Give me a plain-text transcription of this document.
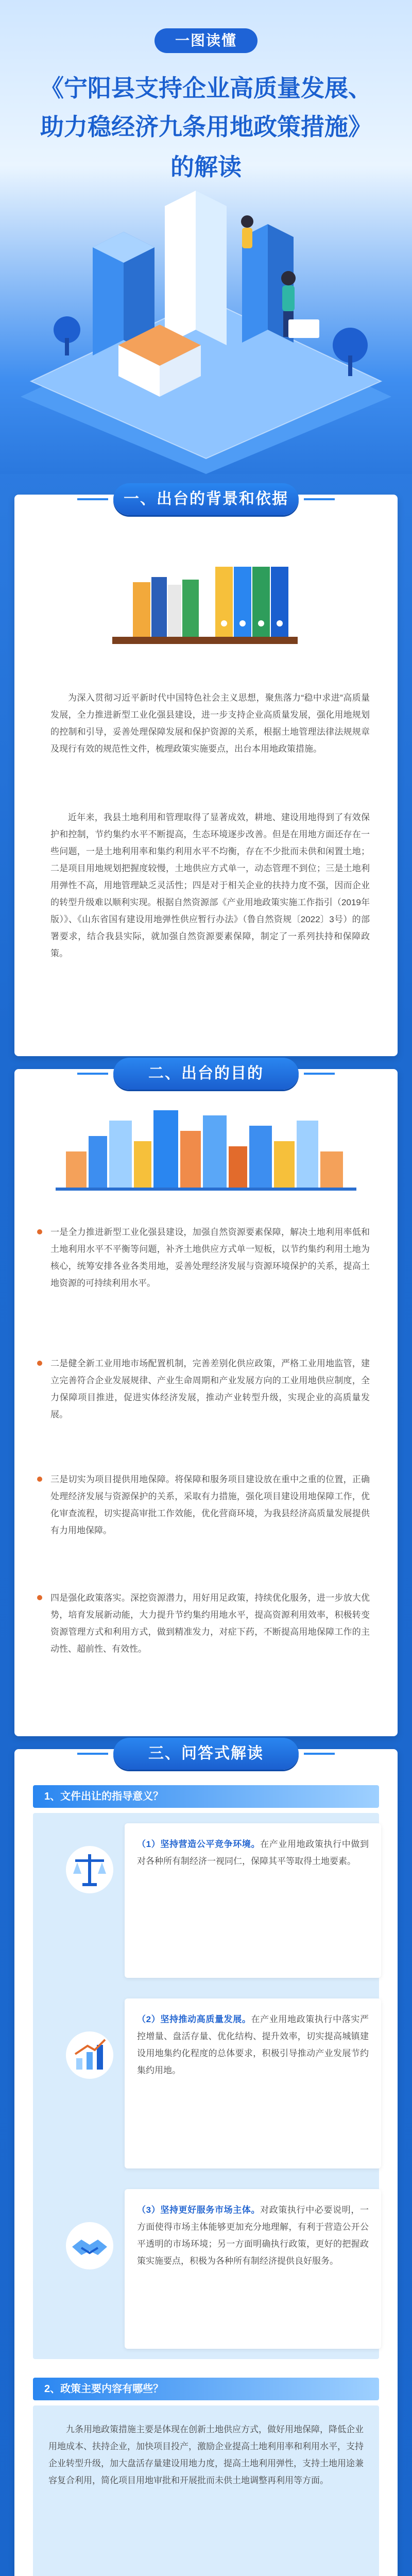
一图读懂
《宁阳县支持企业高质量发展、
助力稳经济九条用地政策措施》
的解读
一、出台的背景和依据

为深入贯彻习近平新时代中国特色社会主义思想，聚焦落力“稳中求进”高质量发展，全力推进新型工业化强县建设，进一步支持企业高质量发展，强化用地规划的控制和引导，妥善处理保障发展和保护资源的关系，根据土地管理法律法规规章及现行有效的规范性文件，梳理政策实施要点，出台本用地政策措施。

近年来，我县土地利用和管理取得了显著成效，耕地、建设用地得到了有效保护和控制，节约集约水平不断提高，生态环境逐步改善。但是在用地方面还存在一些问题，一是土地利用率和集约利用水平不均衡，存在不少批而未供和闲置土地；二是项目用地规划把握度较慢，土地供应方式单一，动态管理不到位；三是土地利用弹性不高，用地管理缺乏灵活性；四是对于相关企业的扶持力度不强，因而企业的转型升级难以顺利实现。根据自然资源部《产业用地政策实施工作指引（2019年版）》、《山东省国有建设用地弹性供应暂行办法》（鲁自然资规〔2022〕3号）的部署要求，结合我县实际，就加强自然资源要素保障，制定了一系列扶持和保障政策。

二、出台的目的

一是全力推进新型工业化强县建设，加强自然资源要素保障，解决土地利用率低和土地利用水平不平衡等问题，补齐土地供应方式单一短板，以节约集约利用土地为核心，统筹安排各业各类用地，妥善处理经济发展与资源环境保护的关系，提高土地资源的可持续利用水平。

二是健全新工业用地市场配置机制，完善差别化供应政策，严格工业用地监管，建立完善符合企业发展规律、产业生命周期和产业发展方向的工业用地供应制度，全力保障项目推进，促进实体经济发展，推动产业转型升级，实现企业的高质量发展。

三是切实为项目提供用地保障。将保障和服务项目建设放在重中之重的位置，正确处理经济发展与资源保护的关系，采取有力措施，强化项目建设用地保障工作，优化审查流程，切实提高审批工作效能，优化营商环境，为我县经济高质量发展提供有力用地保障。

四是强化政策落实。深挖资源潜力，用好用足政策，持续优化服务，进一步放大优势，培育发展新动能，大力提升节约集约用地水平，提高资源利用效率，积极转变资源管理方式和利用方式，做到精准发力，对症下药，不断提高用地保障工作的主动性、超前性、有效性。

三、问答式解读
1、文件出让的指导意义？

（1）坚持营造公平竞争环境。在产业用地政策执行中做到对各种所有制经济一视同仁，保障其平等取得土地要素。

（2）坚持推动高质量发展。在产业用地政策执行中落实严控增量、盘活存量、优化结构、提升效率，切实提高城镇建设用地集约化程度的总体要求，积极引导推动产业发展节约集约用地。

（3）坚持更好服务市场主体。对政策执行中必要说明，一方面使得市场主体能够更加充分地理解，有利于营造公开公平透明的市场环境；另一方面明确执行政策，更好的把握政策实施要点，积极为各种所有制经济提供良好服务。

2、政策主要内容有哪些？

九条用地政策措施主要是体现在创新土地供应方式，做好用地保障，降低企业用地成本、扶持企业，加快项目投产，激励企业提高土地利用率和利用水平，支持企业转型升级，加大盘活存量建设用地力度，提高土地利用弹性，支持土地用途兼容复合利用，简化项目用地审批和开展批而未供土地调整再利用等方面。
